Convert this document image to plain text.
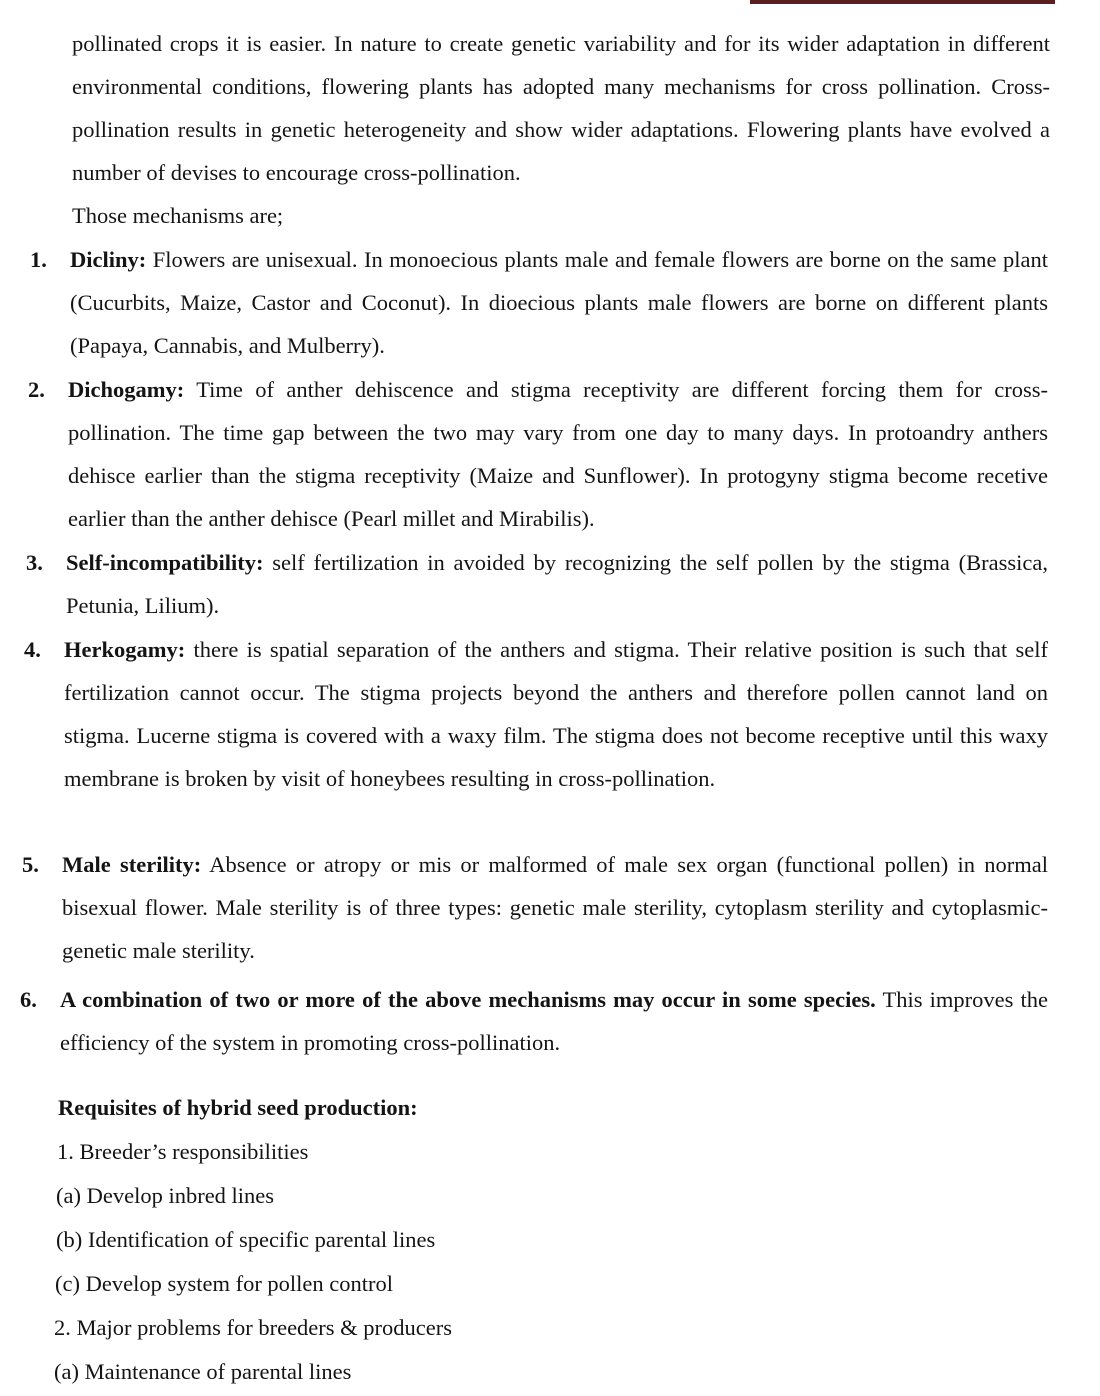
pollinated crops it is easier. In nature to create genetic variability and for its wider adaptation in different environmental conditions, flowering plants has adopted many mechanisms for cross pollination. Cross-pollination results in genetic heterogeneity and show wider adaptations. Flowering plants have evolved a number of devises to encourage cross-pollination.

Those mechanisms are;

1. Dicliny: Flowers are unisexual. In monoecious plants male and female flowers are borne on the same plant (Cucurbits, Maize, Castor and Coconut). In dioecious plants male flowers are borne on different plants (Papaya, Cannabis, and Mulberry).
2. Dichogamy: Time of anther dehiscence and stigma receptivity are different forcing them for cross-pollination. The time gap between the two may vary from one day to many days. In protoandry anthers dehisce earlier than the stigma receptivity (Maize and Sunflower). In protogyny stigma become recetive earlier than the anther dehisce (Pearl millet and Mirabilis).
3. Self-incompatibility: self fertilization in avoided by recognizing the self pollen by the stigma (Brassica, Petunia, Lilium).
4. Herkogamy: there is spatial separation of the anthers and stigma. Their relative position is such that self fertilization cannot occur. The stigma projects beyond the anthers and therefore pollen cannot land on stigma. Lucerne stigma is covered with a waxy film. The stigma does not become receptive until this waxy membrane is broken by visit of honeybees resulting in cross-pollination.
5. Male sterility: Absence or atropy or mis or malformed of male sex organ (functional pollen) in normal bisexual flower. Male sterility is of three types: genetic male sterility, cytoplasm sterility and cytoplasmic- genetic male sterility.
6. A combination of two or more of the above mechanisms may occur in some species. This improves the efficiency of the system in promoting cross-pollination.
Requisites of hybrid seed production:
1. Breeder’s responsibilities
(a) Develop inbred lines
(b) Identification of specific parental lines
(c) Develop system for pollen control
2. Major problems for breeders & producers
(a) Maintenance of parental lines
